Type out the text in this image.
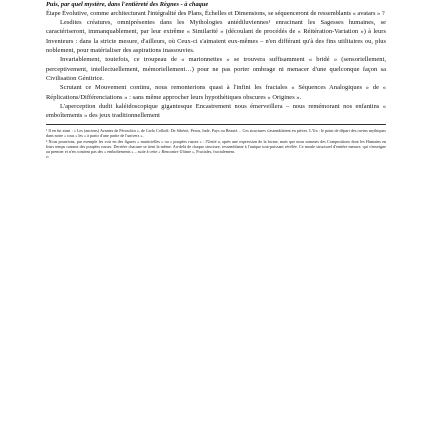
Puis, par quel mystère, dans l'entièreté des Règnes - à chaque
Étape Évolutive, comme architecturant l'intégralité des Plans, Échelles et Dimensions, se séquenceront de ressemblants « avatars » ?

Lesdites créatures, omniprésentes dans les Mythologies antédiluviennes¹ enracinant les Sagesses humaines, se caractériseront, immanquablement, par leur extrême « Similarité » (découlant de procédés de « Réitération-Variation ») à leurs Inventeurs : dans la stricte mesure, d'ailleurs, où Ceux-ci s'aimaient eux-mêmes – n'en différant qu'à des fins utilitaires ou, plus noblement, pour matérialiser des aspirations inassouvies.

Invariablement, toutefois, ce troupeau de « marionnettes » se trouvera suffisamment « bridé » (sensoriellement, perceptivement, intellectuellement, mémoriellement…) pour ne pas porter ombrage ni menacer d'une quelconque façon sa Civilisation Génitrice.

Scrutant ce Mouvement continu, nous remonterions quasi à l'infini les fractales « Séquences Analogiques » de « Réplications/Différenciations » : sans même approcher leurs hypothétiques obscures « Origines ».

L'aperception dudit kaléidoscopique gigantesque Encastrement nous émerveillera – nous remémorant nos enfantins « emboîtements » des jeux traditionnellement

¹ Il en fut ainsi : « Les (anciens) Avantes de Péroschin », de Carlo Collodi. De Sibérie, Perou, Inde, Pays ou Beauté… Ces structures s'assemblaient en pièces. L'Un : le point de départ des ravins mythiques dans notre « tous » les « à partir d'une partie de l'univers ».

² Nous pourrions, par exemple les voir en des figures « matricielles » ou « poupées russes » : l'Unité a, après une expression de la forme, mais que nous sommes des Compositions dont les Humains en leurs temps comme des poupées russes. Derrière chacune se tient la même. Au-delà de chaque structure, ressemblante à l'unique tout-puissant révélée. Ce moule structurel d'entière mesure, qui s'enseigne au premier et n'en contient pas des « emboîtements » – suite à cette « Rencontre Ultime », Fractales, fractalement.

³⁰
